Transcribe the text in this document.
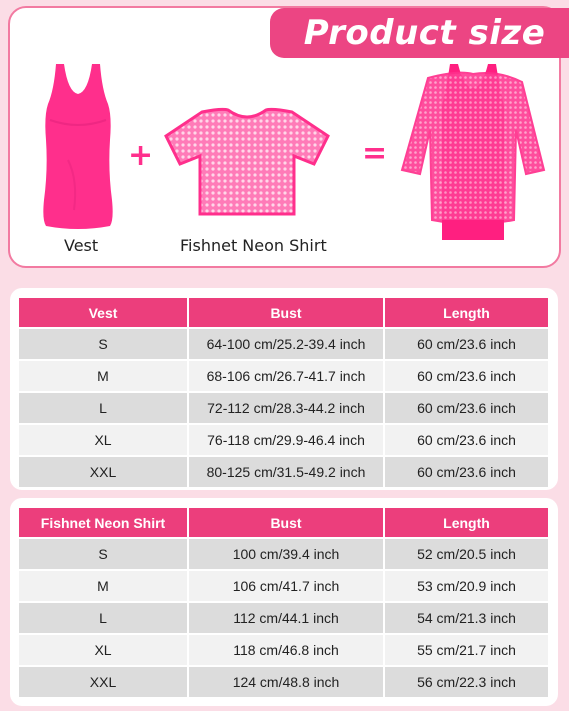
Product size
+	=
Vest	Fishnet Neon Shirt
Vest	Bust	Length
S	64-100 cm/25.2-39.4 inch	60 cm/23.6 inch
M	68-106 cm/26.7-41.7 inch	60 cm/23.6 inch
L	72-112 cm/28.3-44.2 inch	60 cm/23.6 inch
XL	76-118 cm/29.9-46.4 inch	60 cm/23.6 inch
XXL	80-125 cm/31.5-49.2 inch	60 cm/23.6 inch
Fishnet Neon Shirt	Bust	Length
S	100 cm/39.4 inch	52 cm/20.5 inch
M	106 cm/41.7 inch	53 cm/20.9 inch
L	112 cm/44.1 inch	54 cm/21.3 inch
XL	118 cm/46.8 inch	55 cm/21.7 inch
XXL	124 cm/48.8 inch	56 cm/22.3 inch
